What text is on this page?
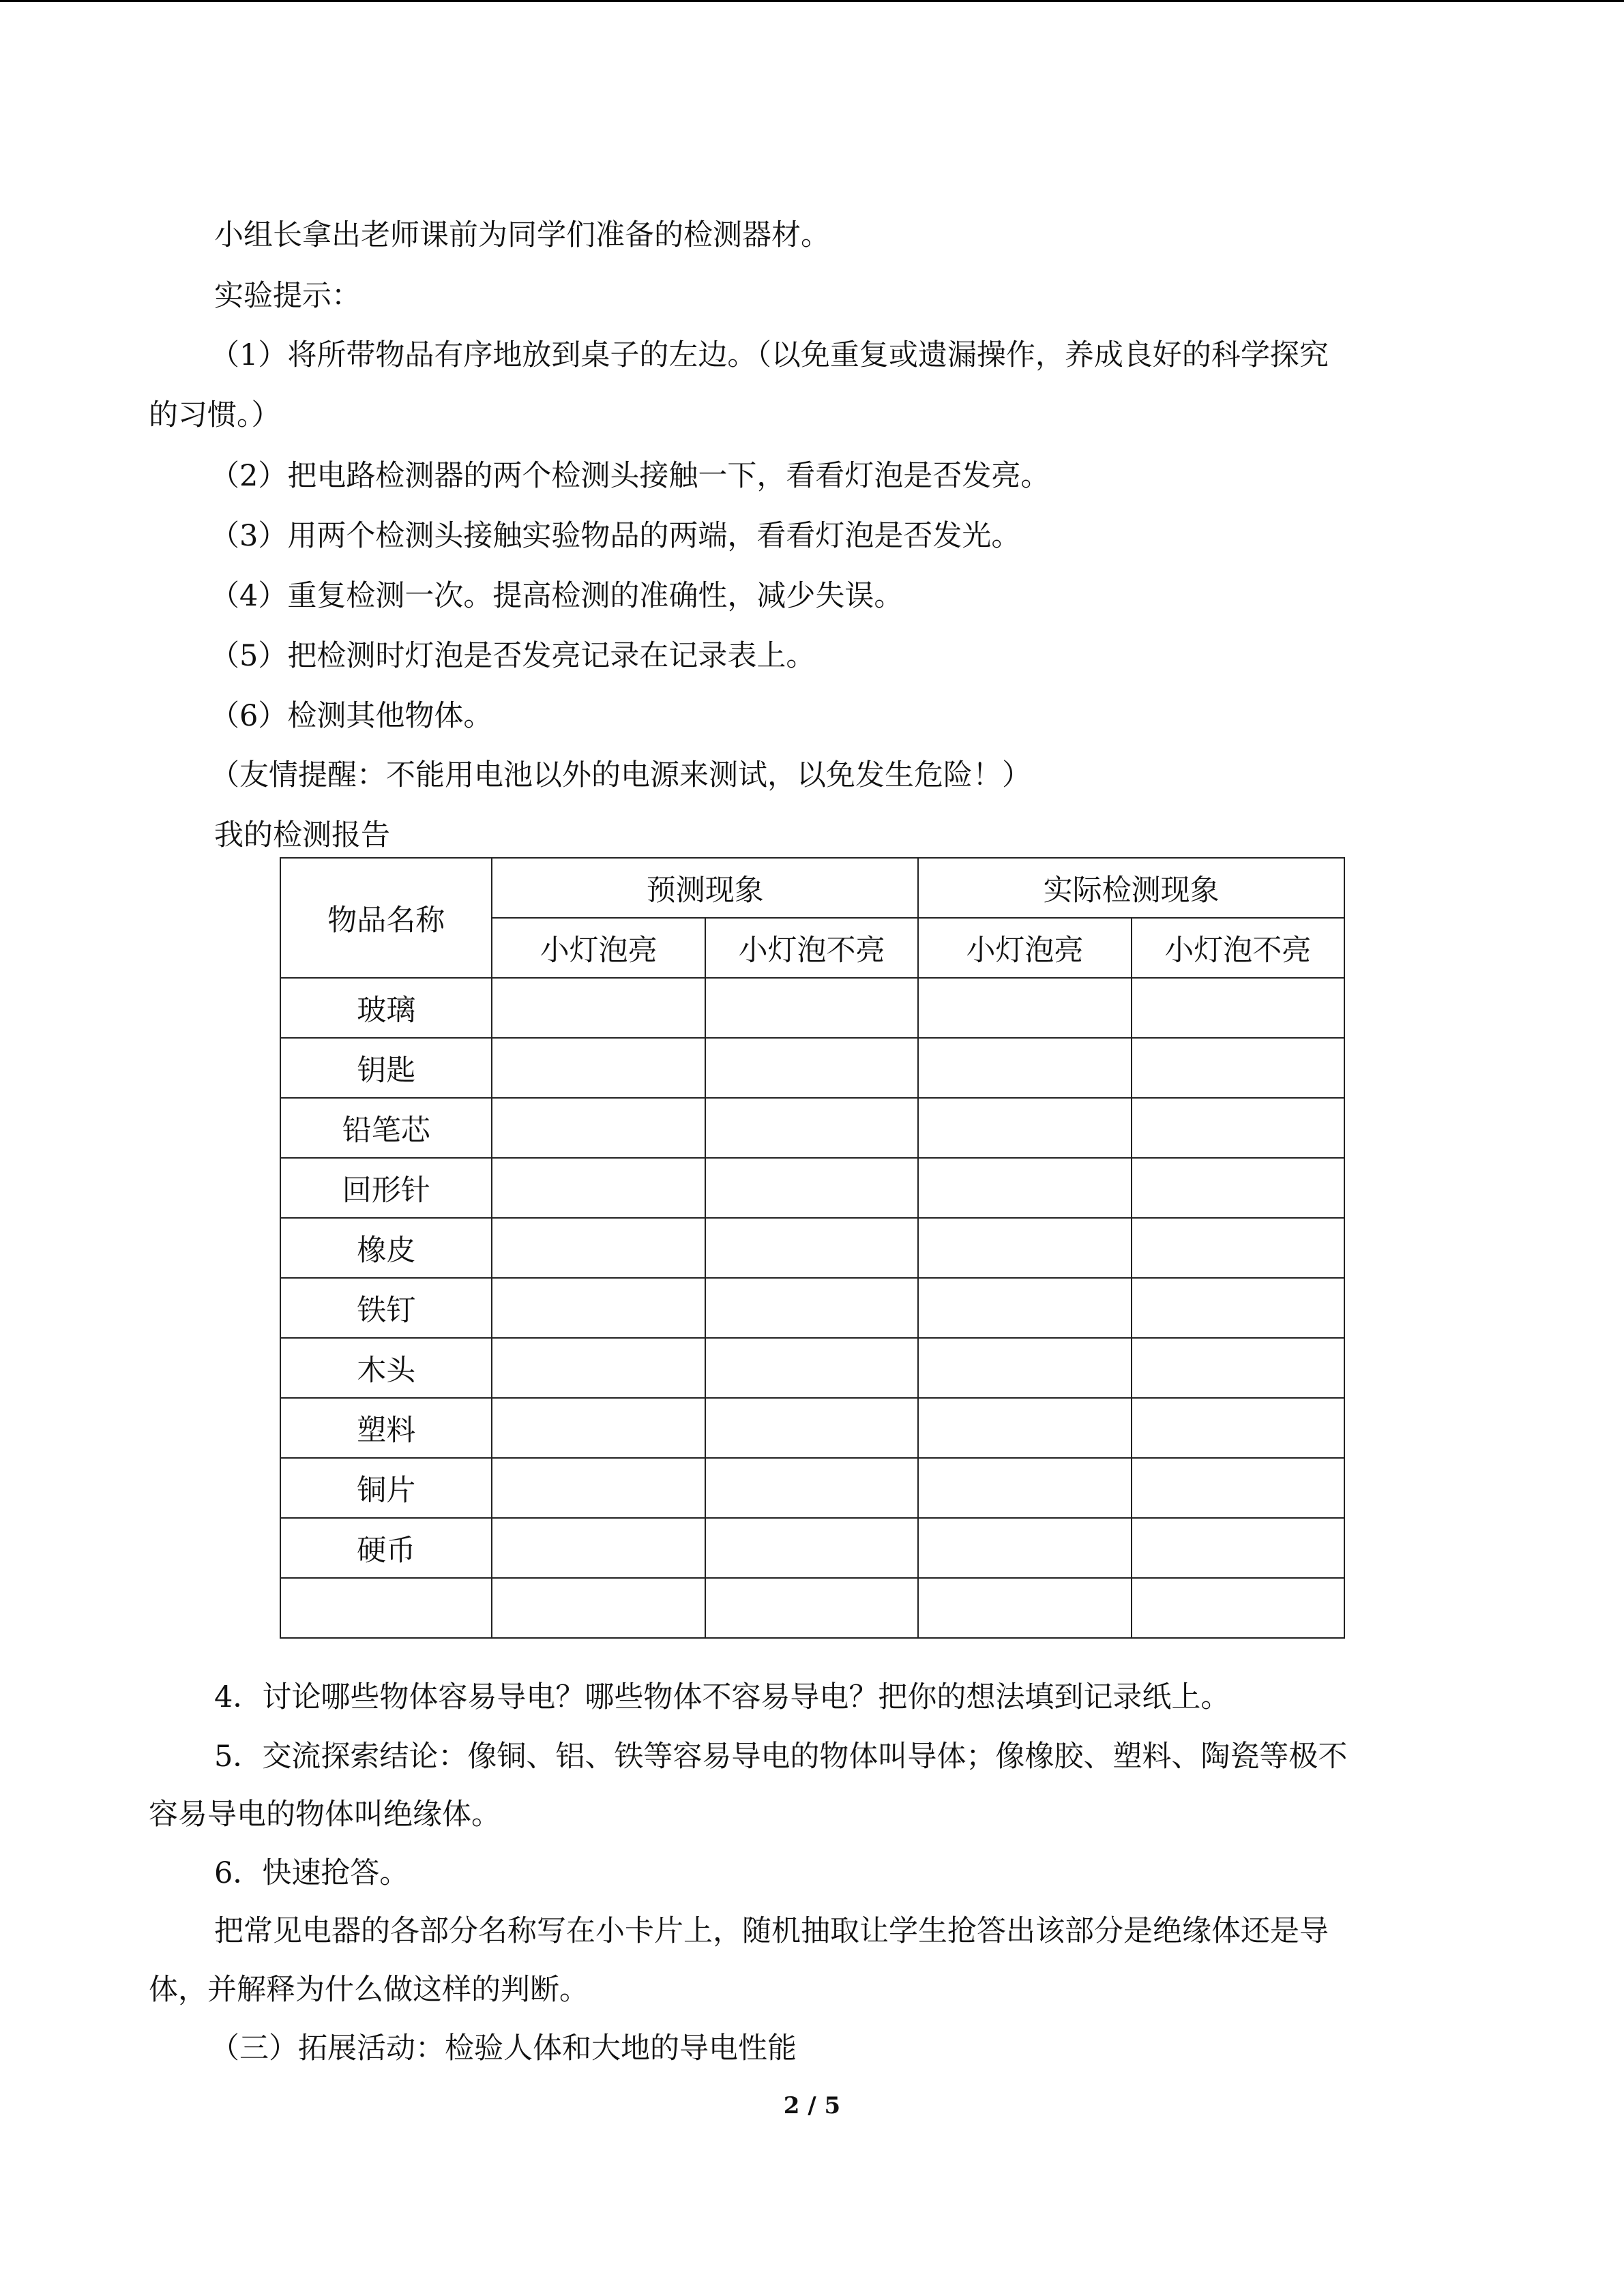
小组长拿出老师课前为同学们准备的检测器材。
实验提示：
（1）将所带物品有序地放到桌子的左边。（以免重复或遗漏操作，养成良好的科学探究
的习惯。）
（2）把电路检测器的两个检测头接触一下，看看灯泡是否发亮。
（3）用两个检测头接触实验物品的两端，看看灯泡是否发光。
（4）重复检测一次。提高检测的准确性，减少失误。
（5）把检测时灯泡是否发亮记录在记录表上。
（6）检测其他物体。
（友情提醒：不能用电池以外的电源来测试，以免发生危险！）
我的检测报告
物品名称	预测现象		实际检测现象	
	小灯泡亮	小灯泡不亮	小灯泡亮	小灯泡不亮
玻璃				
钥匙				
铅笔芯				
回形针				
橡皮				
铁钉				
木头				
塑料				
铜片				
硬币				

4．讨论哪些物体容易导电？哪些物体不容易导电？把你的想法填到记录纸上。
5．交流探索结论：像铜、铝、铁等容易导电的物体叫导体；像橡胶、塑料、陶瓷等极不
容易导电的物体叫绝缘体。
6．快速抢答。
把常见电器的各部分名称写在小卡片上，随机抽取让学生抢答出该部分是绝缘体还是导
体，并解释为什么做这样的判断。
（三）拓展活动：检验人体和大地的导电性能
2 / 5
